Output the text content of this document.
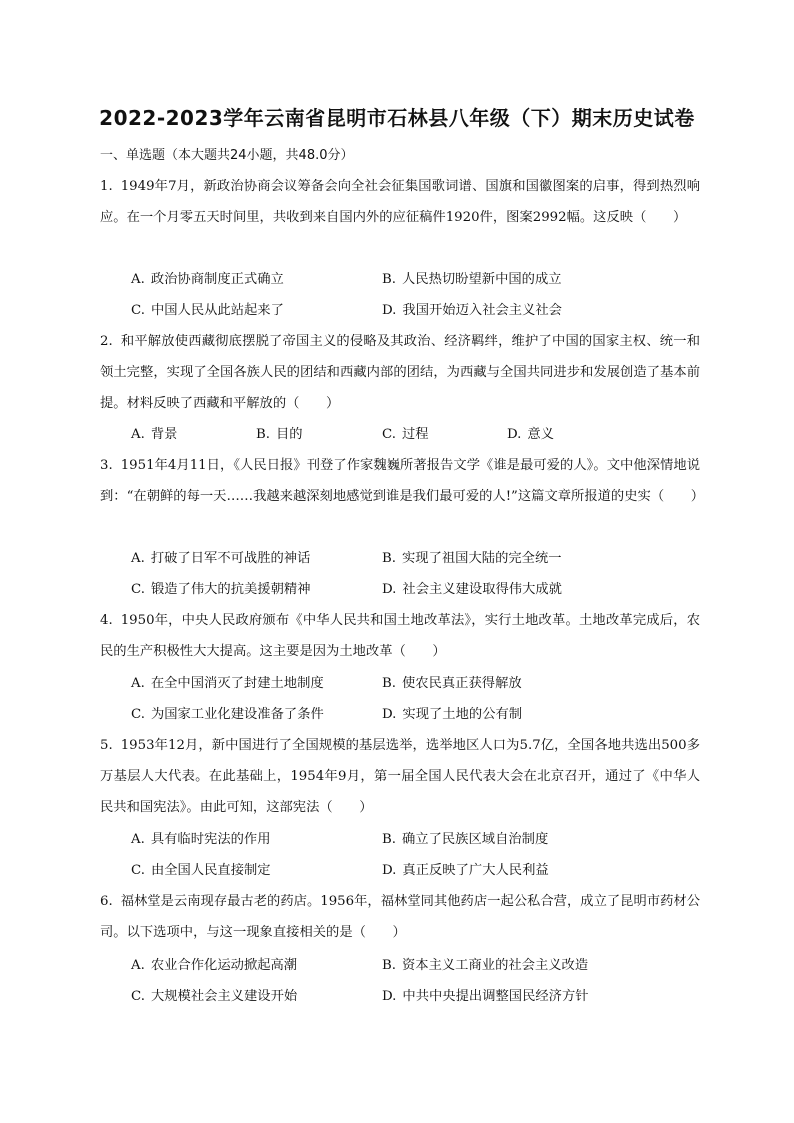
2022-2023学年云南省昆明市石林县八年级（下）期末历史试卷
一、单选题（本大题共24小题，共48.0分）
1. 1949年7月，新政治协商会议筹备会向全社会征集国歌词谱、国旗和国徽图案的启事，得到热烈响应。在一个月零五天时间里，共收到来自国内外的应征稿件1920件，图案2992幅。这反映（　　）
A. 政治协商制度正式确立	B. 人民热切盼望新中国的成立
C. 中国人民从此站起来了	D. 我国开始迈入社会主义社会
2. 和平解放使西藏彻底摆脱了帝国主义的侵略及其政治、经济羁绊，维护了中国的国家主权、统一和领土完整，实现了全国各族人民的团结和西藏内部的团结，为西藏与全国共同进步和发展创造了基本前提。材料反映了西藏和平解放的（　　）
A. 背景	B. 目的	C. 过程	D. 意义
3. 1951年4月11日，《人民日报》刊登了作家魏巍所著报告文学《谁是最可爱的人》。文中他深情地说到：“在朝鲜的每一天……我越来越深刻地感觉到谁是我们最可爱的人!”这篇文章所报道的史实（　　）
A. 打破了日军不可战胜的神话	B. 实现了祖国大陆的完全统一
C. 锻造了伟大的抗美援朝精神	D. 社会主义建设取得伟大成就
4. 1950年，中央人民政府颁布《中华人民共和国土地改革法》，实行土地改革。土地改革完成后，农民的生产积极性大大提高。这主要是因为土地改革（　　）
A. 在全中国消灭了封建土地制度	B. 使农民真正获得解放
C. 为国家工业化建设准备了条件	D. 实现了土地的公有制
5. 1953年12月，新中国进行了全国规模的基层选举，选举地区人口为5.7亿，全国各地共选出500多万基层人大代表。在此基础上，1954年9月，第一届全国人民代表大会在北京召开，通过了《中华人民共和国宪法》。由此可知，这部宪法（　　）
A. 具有临时宪法的作用	B. 确立了民族区域自治制度
C. 由全国人民直接制定	D. 真正反映了广大人民利益
6. 福林堂是云南现存最古老的药店。1956年，福林堂同其他药店一起公私合营，成立了昆明市药材公司。以下选项中，与这一现象直接相关的是（　　）
A. 农业合作化运动掀起高潮	B. 资本主义工商业的社会主义改造
C. 大规模社会主义建设开始	D. 中共中央提出调整国民经济方针
